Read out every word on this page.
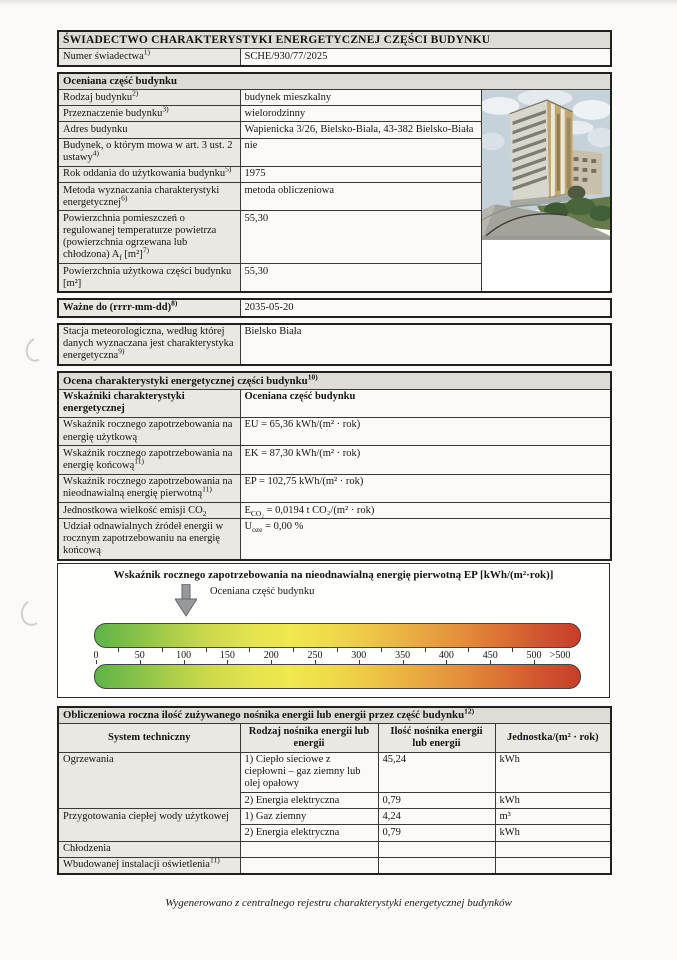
ŚWIADECTWO CHARAKTERYSTYKI ENERGETYCZNEJ CZĘŚCI BUDYNKU
Numer świadectwa$^{1)}$	SCHE/930/77/2025
Oceniana część budynku		
Rodzaj budynku$^{2)}$	budynek mieszkalny	
Przeznaczenie budynku$^{3)}$	wielorodzinny	
Adres budynku	Wapienicka 3/26, Bielsko-Biała, 43-382 Bielsko-Biała	
Budynek, o którym mowa w art. 3 ust. 2 ustawy$^{4)}$	nie	
Rok oddania do użytkowania budynku$^{5)}$	1975	
Metoda wyznaczania charakterystyki energetycznej$^{6)}$	metoda obliczeniowa	
Powierzchnia pomieszczeń o regulowanej temperaturze powietrza (powierzchnia ogrzewana lub chłodzona) $A_f$ $[m^2]^{7)}$	55,30	
Powierzchnia użytkowa części budynku [m²]	55,30	
Ważne do (rrrr-mm-dd)$^{8)}$	2035-05-20
Stacja meteorologiczna, według której danych wyznaczana jest charakterystyka energetyczna$^{9)}$	Bielsko Biała
Ocena charakterystyki energetycznej części budynku$^{10)}$
Wskaźniki charakterystyki energetycznej	Oceniana część budynku
Wskaźnik rocznego zapotrzebowania na energię użytkową	EU = 65,36 kWh/(m² · rok)
Wskaźnik rocznego zapotrzebowania na energię końcową$^{11)}$	EK = 87,30 kWh/(m² · rok)
Wskaźnik rocznego zapotrzebowania na nieodnawialną energię pierwotną$^{11)}$	EP = 102,75 kWh/(m² · rok)
Jednostkowa wielkość emisji $CO_2$	$E_{CO_2} = 0,0194$ t CO₂/(m² · rok)
Udział odnawialnych źródeł energii w rocznym zapotrzebowaniu na energię końcową	$U_{oze} = 0,00$ %
Wskaźnik rocznego zapotrzebowania na nieodnawialną energię pierwotną EP [kWh/(m²·rok)]
Oceniana część budynku
0	50	100	150	200	250	300	350	400	450	500 >500
Obliczeniowa roczna ilość zużywanego nośnika energii lub energii przez część budynku$^{12)}$
System techniczny	Rodzaj nośnika energii lub energii	Ilość nośnika energii lub energii	Jednostka/(m² · rok)
Ogrzewania	1) Ciepło sieciowe z ciepłowni – gaz ziemny lub olej opałowy	45,24	kWh
	2) Energia elektryczna	0,79	kWh
Przygotowania ciepłej wody użytkowej	1) Gaz ziemny	4,24	m³
	2) Energia elektryczna	0,79	kWh
Chłodzenia			
Wbudowanej instalacji oświetlenia$^{11)}$			
Wygenerowano z centralnego rejestru charakterystyki energetycznej budynków
